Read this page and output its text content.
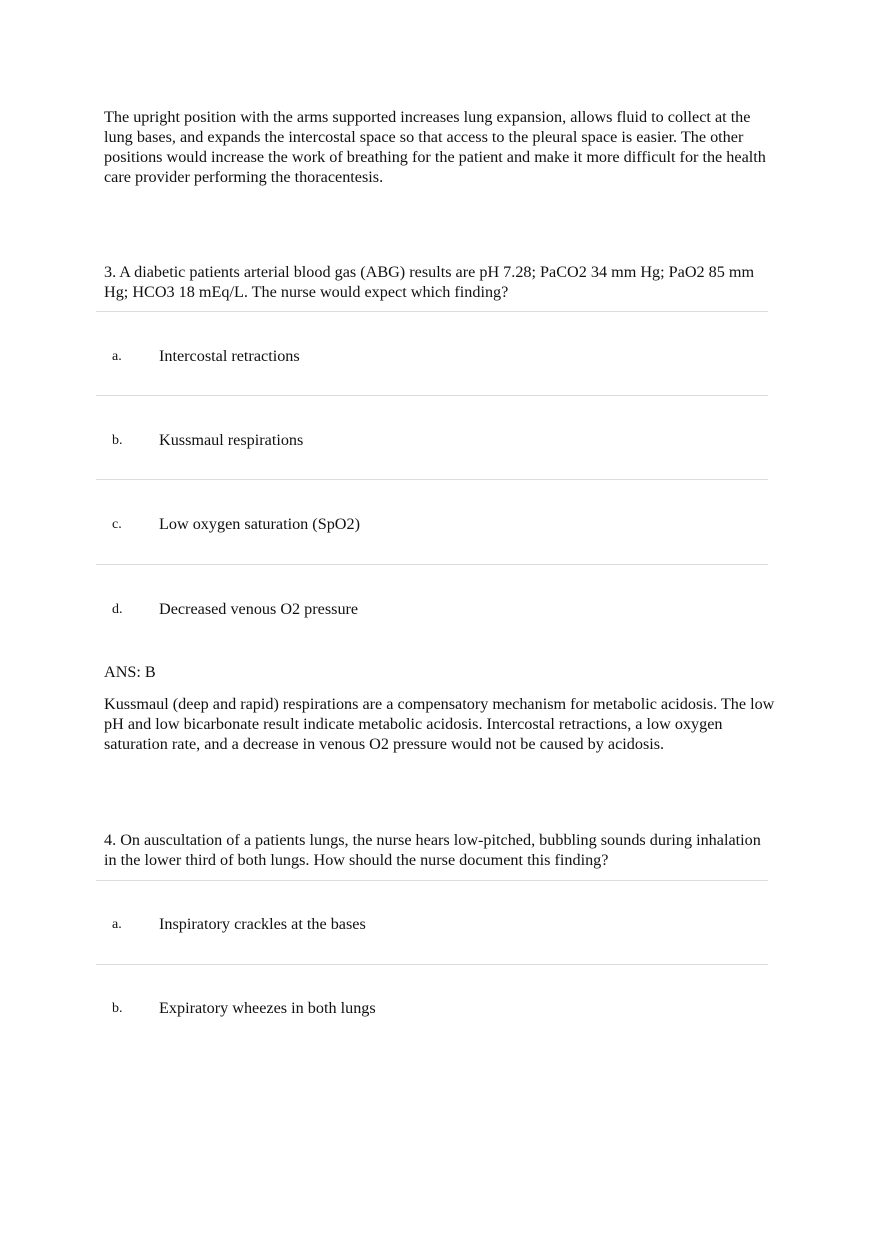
The upright position with the arms supported increases lung expansion, allows fluid to collect at the lung bases, and expands the intercostal space so that access to the pleural space is easier. The other positions would increase the work of breathing for the patient and make it more difficult for the health care provider performing the thoracentesis.

3. A diabetic patients arterial blood gas (ABG) results are pH 7.28; PaCO2 34 mm Hg; PaO2 85 mm Hg; HCO3 18 mEq/L. The nurse would expect which finding?

a. Intercostal retractions
b. Kussmaul respirations
c. Low oxygen saturation (SpO2)
d. Decreased venous O2 pressure

ANS: B

Kussmaul (deep and rapid) respirations are a compensatory mechanism for metabolic acidosis. The low pH and low bicarbonate result indicate metabolic acidosis. Intercostal retractions, a low oxygen saturation rate, and a decrease in venous O2 pressure would not be caused by acidosis.

4. On auscultation of a patients lungs, the nurse hears low-pitched, bubbling sounds during inhalation in the lower third of both lungs. How should the nurse document this finding?

a. Inspiratory crackles at the bases
b. Expiratory wheezes in both lungs
